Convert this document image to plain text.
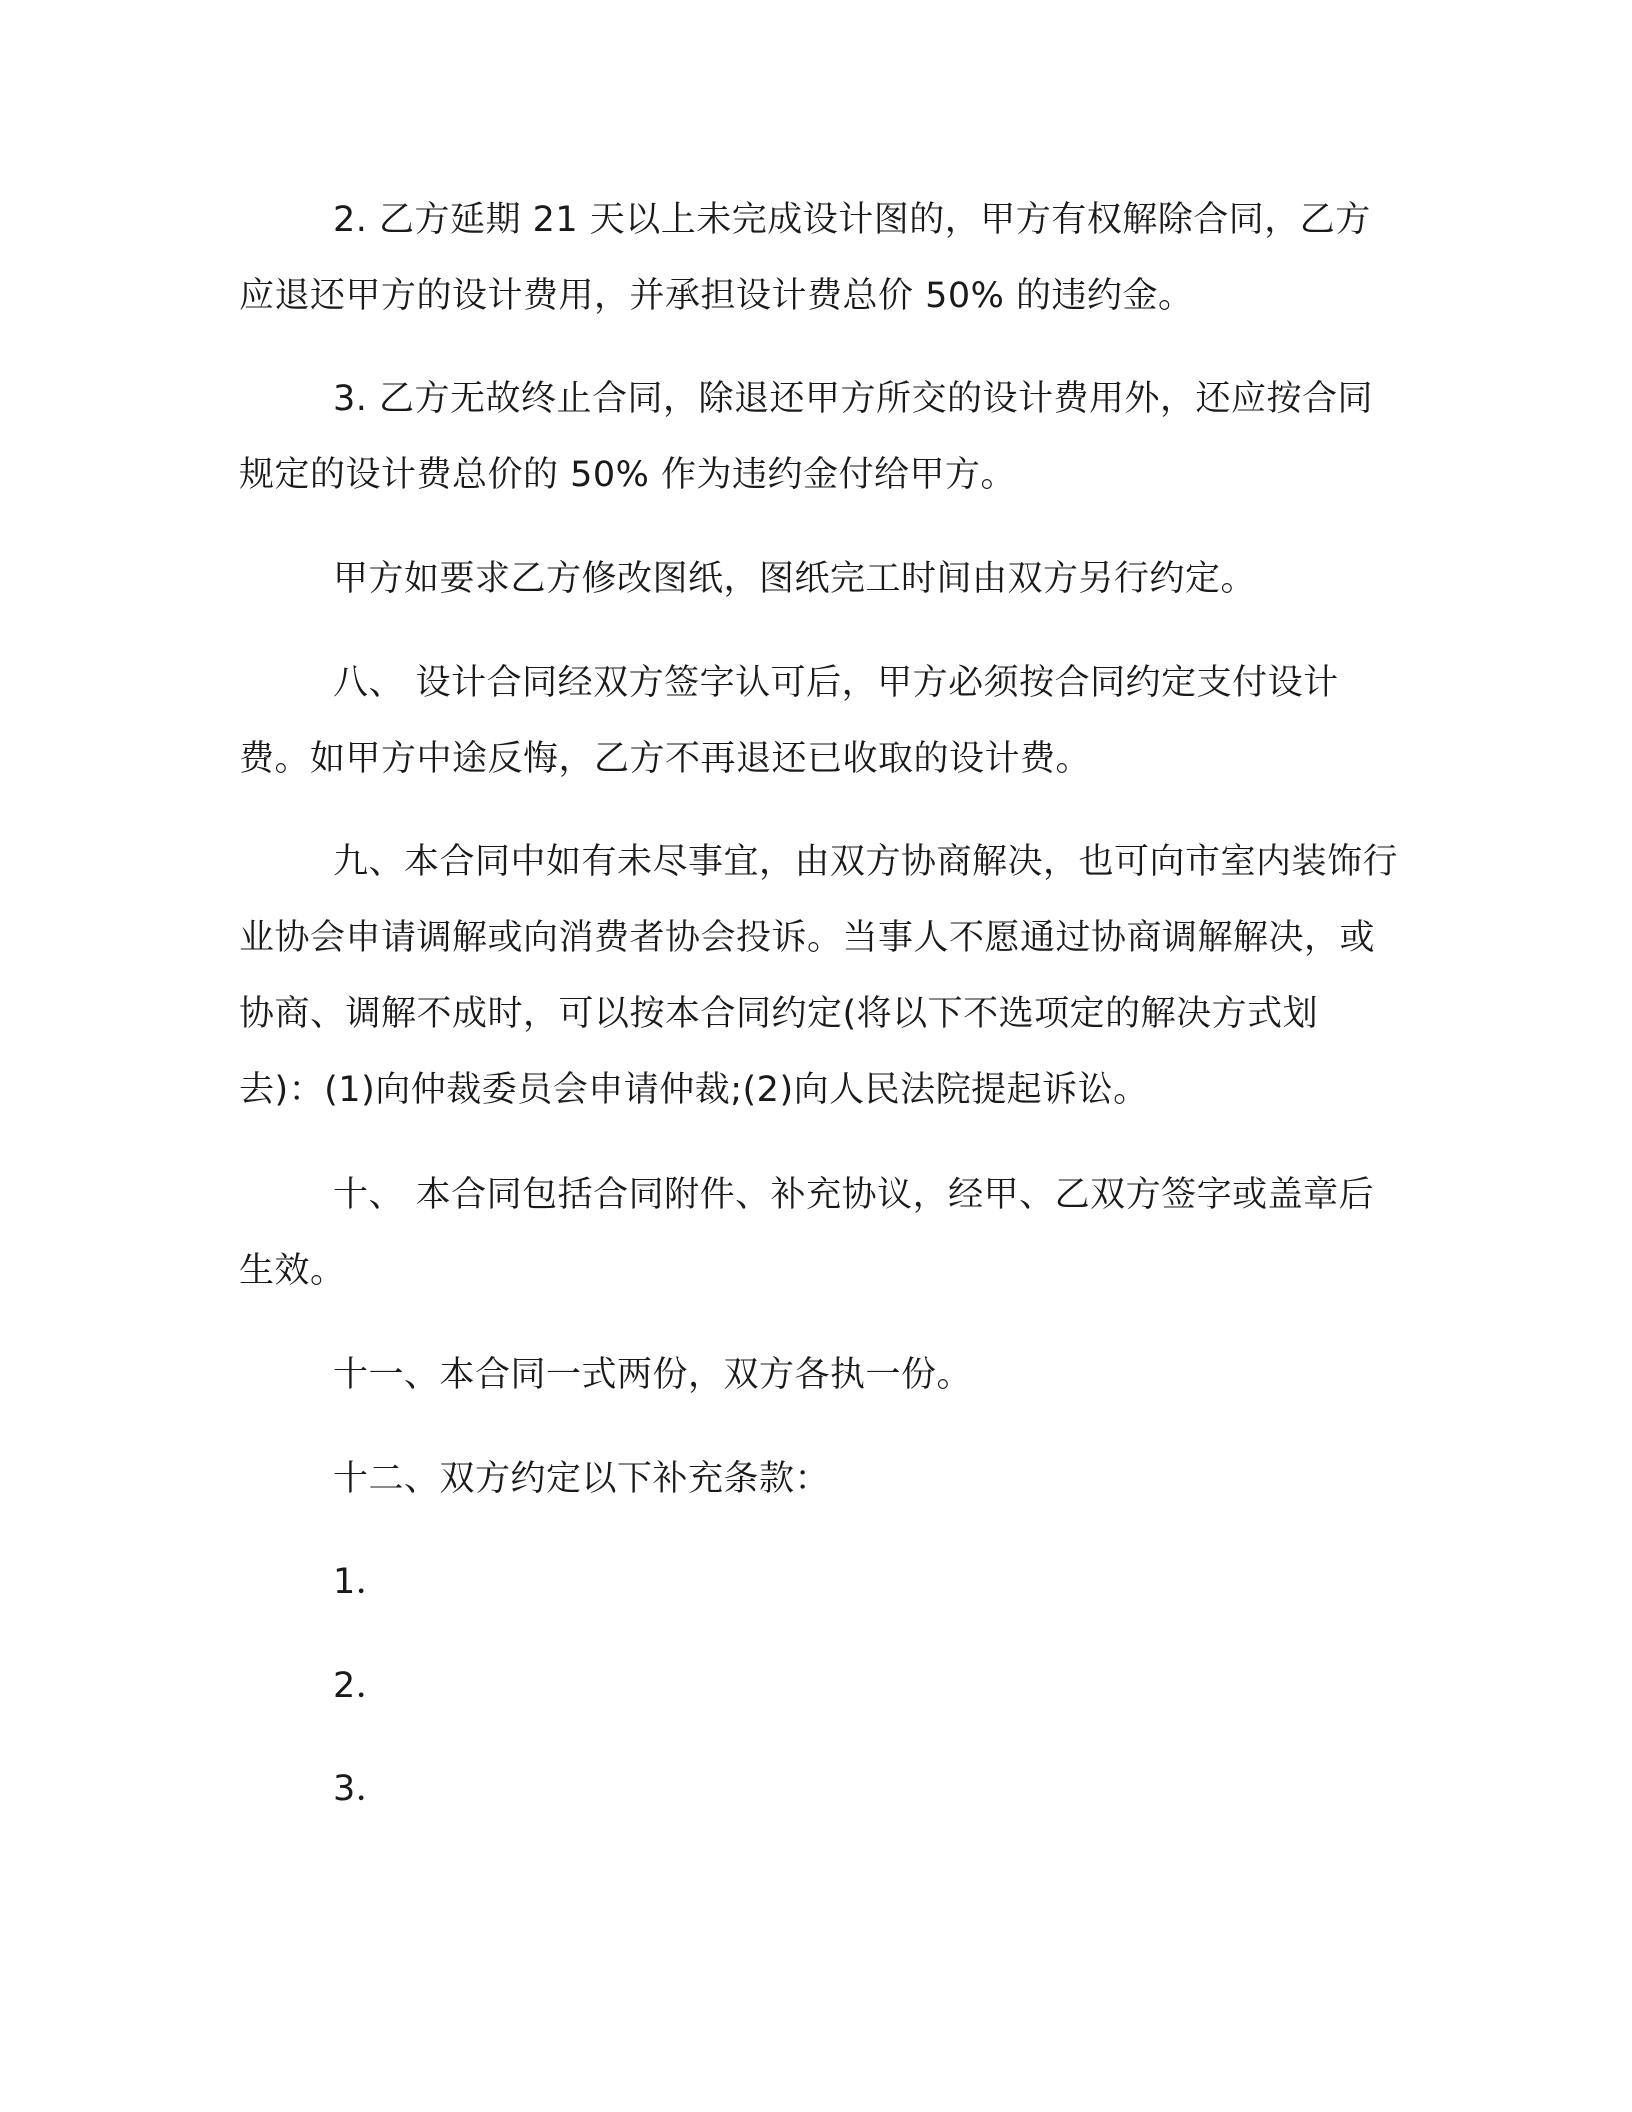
2. 乙方延期 21 天以上未完成设计图的，甲方有权解除合同，乙方应退还甲方的设计费用，并承担设计费总价 50% 的违约金。

3. 乙方无故终止合同，除退还甲方所交的设计费用外，还应按合同规定的设计费总价的 50% 作为违约金付给甲方。

甲方如要求乙方修改图纸，图纸完工时间由双方另行约定。

八、 设计合同经双方签字认可后，甲方必须按合同约定支付设计费。如甲方中途反悔，乙方不再退还已收取的设计费。

九、本合同中如有未尽事宜，由双方协商解决，也可向市室内装饰行业协会申请调解或向消费者协会投诉。当事人不愿通过协商调解解决，或协商、调解不成时，可以按本合同约定(将以下不选项定的解决方式划去)：(1)向仲裁委员会申请仲裁;(2)向人民法院提起诉讼。

十、 本合同包括合同附件、补充协议，经甲、乙双方签字或盖章后生效。

十一、本合同一式两份，双方各执一份。

十二、双方约定以下补充条款：

1．

2．

3．
